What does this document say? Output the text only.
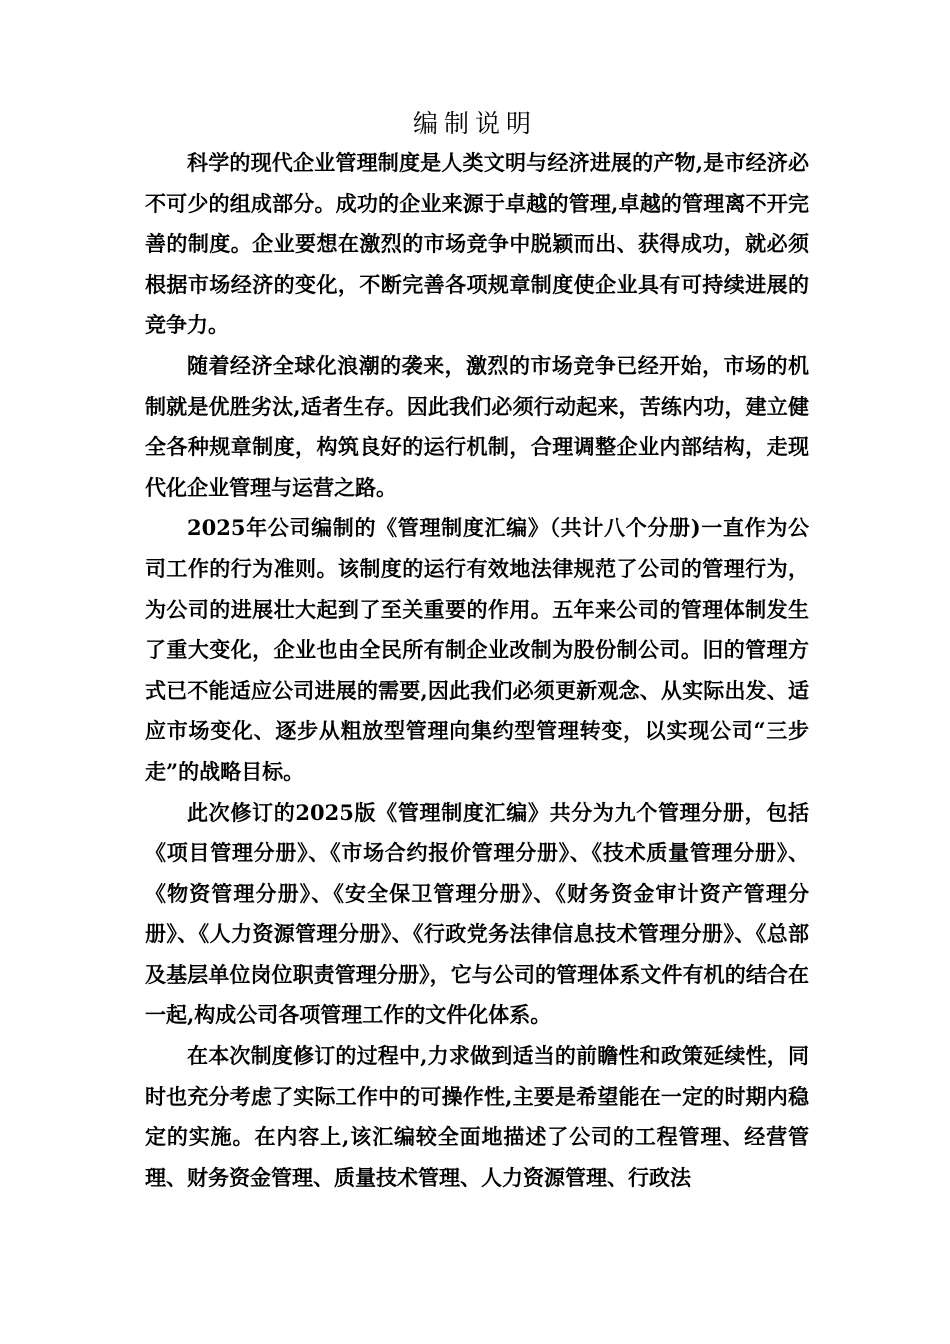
编制说明

科学的现代企业管理制度是人类文明与经济进展的产物,是市经济必不可少的组成部分。成功的企业来源于卓越的管理,卓越的管理离不开完善的制度。企业要想在激烈的市场竞争中脱颖而出、获得成功，就必须根据市场经济的变化，不断完善各项规章制度使企业具有可持续进展的竞争力。

随着经济全球化浪潮的袭来，激烈的市场竞争已经开始，市场的机制就是优胜劣汰,适者生存。因此我们必须行动起来，苦练内功，建立健全各种规章制度，构筑良好的运行机制，合理调整企业内部结构，走现代化企业管理与运营之路。

2025年公司编制的《管理制度汇编》（共计八个分册)一直作为公司工作的行为准则。该制度的运行有效地法律规范了公司的管理行为，为公司的进展壮大起到了至关重要的作用。五年来公司的管理体制发生了重大变化，企业也由全民所有制企业改制为股份制公司。旧的管理方式已不能适应公司进展的需要,因此我们必须更新观念、从实际出发、适应市场变化、逐步从粗放型管理向集约型管理转变，以实现公司“三步走”的战略目标。

此次修订的2025版《管理制度汇编》共分为九个管理分册，包括《项目管理分册》、《市场合约报价管理分册》、《技术质量管理分册》、《物资管理分册》、《安全保卫管理分册》、《财务资金审计资产管理分册》、《人力资源管理分册》、《行政党务法律信息技术管理分册》、《总部及基层单位岗位职责管理分册》，它与公司的管理体系文件有机的结合在一起,构成公司各项管理工作的文件化体系。

在本次制度修订的过程中,力求做到适当的前瞻性和政策延续性，同时也充分考虑了实际工作中的可操作性,主要是希望能在一定的时期内稳定的实施。在内容上,该汇编较全面地描述了公司的工程管理、经营管理、财务资金管理、质量技术管理、人力资源管理、行政法
